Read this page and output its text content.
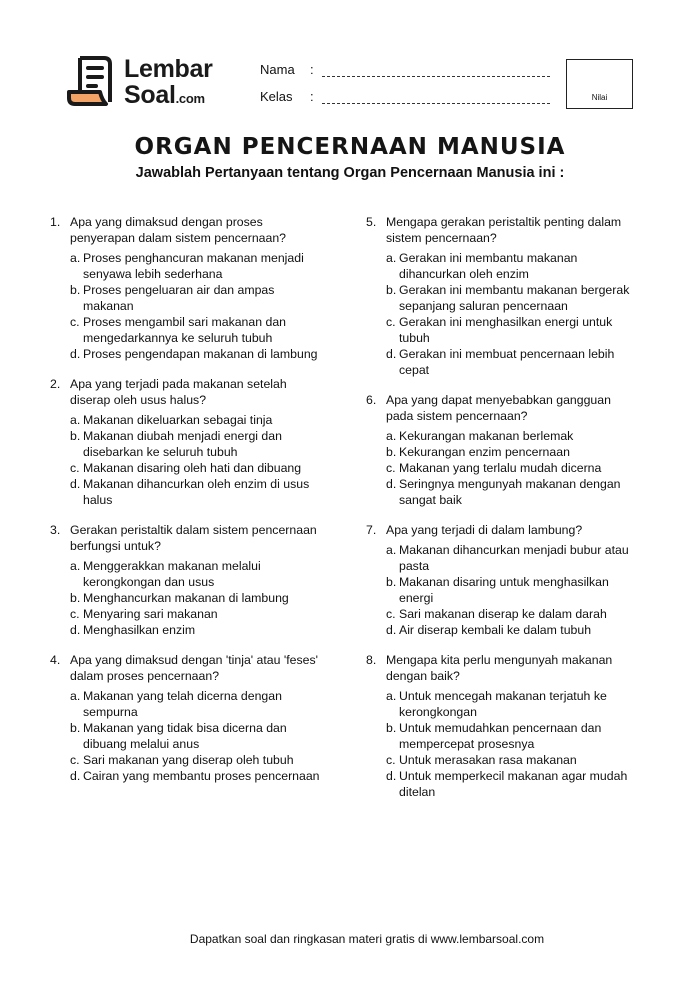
Lembar
Soal.com
Nama :
Kelas :	Nilai
ORGAN PENCERNAAN MANUSIA
Jawablah Pertanyaan tentang Organ Pencernaan Manusia ini :
1. Apa yang dimaksud dengan proses penyerapan dalam sistem pencernaan?
a. Proses penghancuran makanan menjadi senyawa lebih sederhana
b. Proses pengeluaran air dan ampas makanan
c. Proses mengambil sari makanan dan mengedarkannya ke seluruh tubuh
d. Proses pengendapan makanan di lambung
2. Apa yang terjadi pada makanan setelah diserap oleh usus halus?
a. Makanan dikeluarkan sebagai tinja
b. Makanan diubah menjadi energi dan disebarkan ke seluruh tubuh
c. Makanan disaring oleh hati dan dibuang
d. Makanan dihancurkan oleh enzim di usus halus
3. Gerakan peristaltik dalam sistem pencernaan berfungsi untuk?
a. Menggerakkan makanan melalui kerongkongan dan usus
b. Menghancurkan makanan di lambung
c. Menyaring sari makanan
d. Menghasilkan enzim
4. Apa yang dimaksud dengan 'tinja' atau 'feses' dalam proses pencernaan?
a. Makanan yang telah dicerna dengan sempurna
b. Makanan yang tidak bisa dicerna dan dibuang melalui anus
c. Sari makanan yang diserap oleh tubuh
d. Cairan yang membantu proses pencernaan
5. Mengapa gerakan peristaltik penting dalam sistem pencernaan?
a. Gerakan ini membantu makanan dihancurkan oleh enzim
b. Gerakan ini membantu makanan bergerak sepanjang saluran pencernaan
c. Gerakan ini menghasilkan energi untuk tubuh
d. Gerakan ini membuat pencernaan lebih cepat
6. Apa yang dapat menyebabkan gangguan pada sistem pencernaan?
a. Kekurangan makanan berlemak
b. Kekurangan enzim pencernaan
c. Makanan yang terlalu mudah dicerna
d. Seringnya mengunyah makanan dengan sangat baik
7. Apa yang terjadi di dalam lambung?
a. Makanan dihancurkan menjadi bubur atau pasta
b. Makanan disaring untuk menghasilkan energi
c. Sari makanan diserap ke dalam darah
d. Air diserap kembali ke dalam tubuh
8. Mengapa kita perlu mengunyah makanan dengan baik?
a. Untuk mencegah makanan terjatuh ke kerongkongan
b. Untuk memudahkan pencernaan dan mempercepat prosesnya
c. Untuk merasakan rasa makanan
d. Untuk memperkecil makanan agar mudah ditelan
Dapatkan soal dan ringkasan materi gratis di www.lembarsoal.com
